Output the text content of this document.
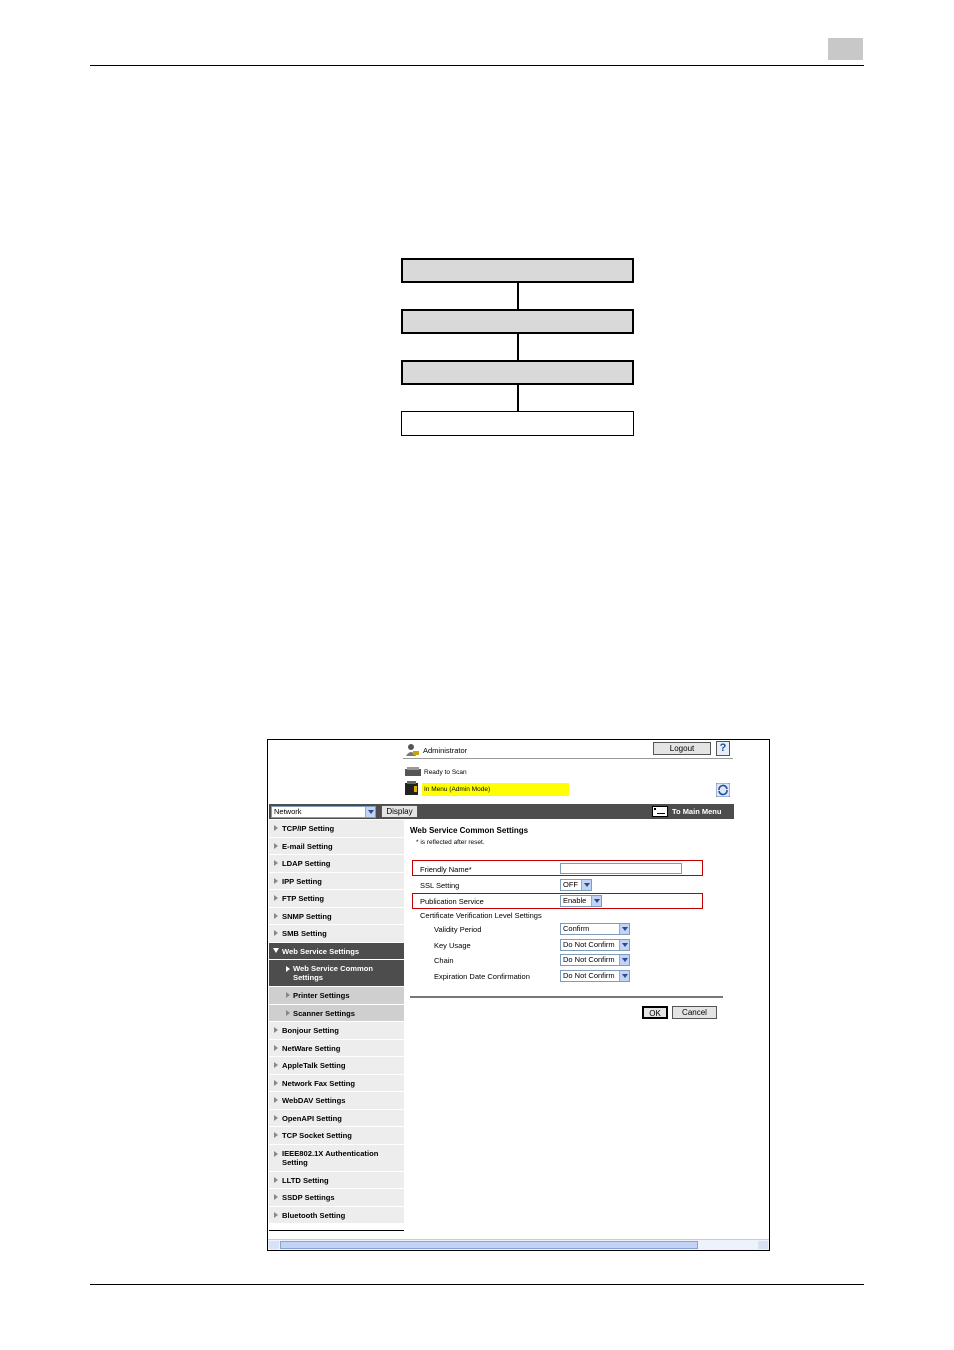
Administrator	Logout	?
Ready to Scan
In Menu (Admin Mode)
Network	Display	To Main Menu
TCP/IP Setting
E-mail Setting
LDAP Setting
IPP Setting
FTP Setting
SNMP Setting
SMB Setting
Web Service Settings
Web Service Common Settings
Printer Settings
Scanner Settings
Bonjour Setting
NetWare Setting
AppleTalk Setting
Network Fax Setting
WebDAV Settings
OpenAPI Setting
TCP Socket Setting
IEEE802.1X Authentication Setting
LLTD Setting
SSDP Settings
Bluetooth Setting
Web Service Common Settings
* is reflected after reset.
Friendly Name*
SSL Setting	OFF
Publication Service	Enable
Certificate Verification Level Settings
Validity Period	Confirm
Key Usage	Do Not Confirm
Chain	Do Not Confirm
Expiration Date Confirmation	Do Not Confirm
OK	Cancel
